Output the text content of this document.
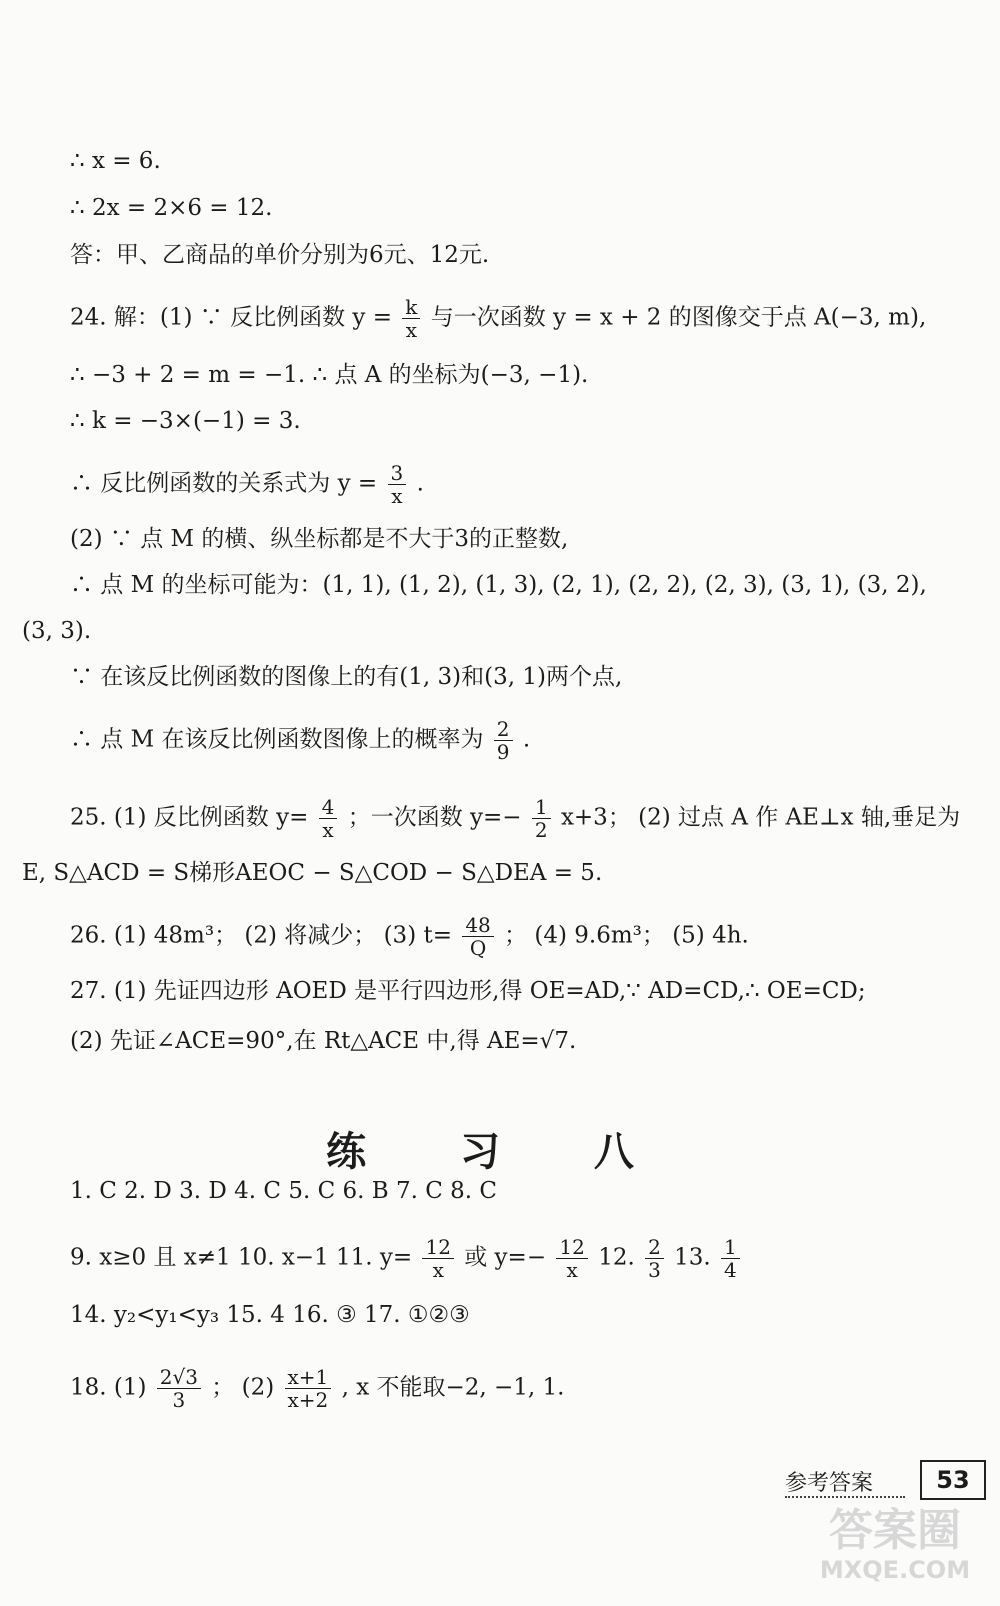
∴ x = 6.
∴ 2x = 2×6 = 12.
答：甲、乙商品的单价分别为6元、12元.
24. 解：(1) ∵ 反比例函数 $y = \frac{k}{x}$ 与一次函数 y = x + 2 的图像交于点 A(−3, m),
∴ −3 + 2 = m = −1. ∴ 点 A 的坐标为(−3, −1).
∴ k = −3×(−1) = 3.
∴ 反比例函数的关系式为 $y = \frac{3}{x}$ .
(2) ∵ 点 M 的横、纵坐标都是不大于3的正整数,
∴ 点 M 的坐标可能为：(1, 1), (1, 2), (1, 3), (2, 1), (2, 2), (2, 3), (3, 1), (3, 2),
(3, 3).
∵ 在该反比例函数的图像上的有(1, 3)和(3, 1)两个点,
∴ 点 M 在该反比例函数图像上的概率为 $\frac{2}{9}$ .
25. (1) 反比例函数 $y= \frac{4}{x}$ ；一次函数 $y=- \frac{1}{2} x+3$； (2) 过点 A 作 AE⊥x 轴,垂足为
E, S△ACD = S梯形AEOC − S△COD − S△DEA = 5.
26. (1) 48m³； (2) 将减少； (3) $t= \frac{48}{Q}$ ； (4) 9.6m³； (5) 4h.
27. (1) 先证四边形 AOED 是平行四边形,得 OE=AD,∵ AD=CD,∴ OE=CD;
(2) 先证∠ACE=90°,在 Rt△ACE 中,得 AE=√7.
练 习 八
1. C 2. D 3. D 4. C 5. C 6. B 7. C 8. C
9. x≥0 且 x≠1 10. x−1 11. $y= \frac{12}{x}$ 或 $y=- \frac{12}{x} 12$. $\frac{2}{3} 13$. $\frac{1}{4}$
14. y₂<y₁<y₃ 15. 4 16. ③ 17. ①②③
18. $(1) \frac{2√3}{3}$ ； $(2) \frac{x+1}{x+2}$ , x 不能取−2, −1, 1.
参考答案	53
答案圈
MXQE.COM
